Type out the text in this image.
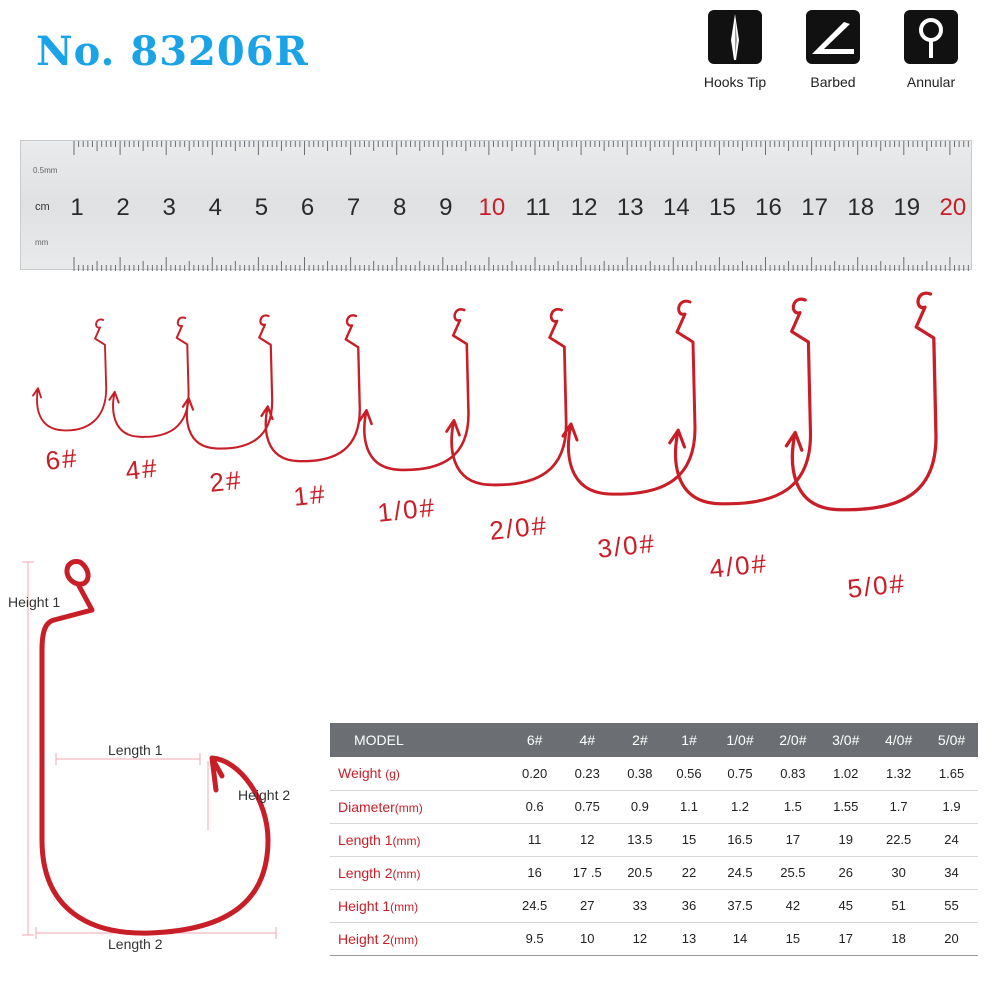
No. 83206R
Hooks Tip	Barbed	Annular
cm
0.5mm
mm
1 2 3 4 5 6 7 8 9 10 11 12 13 14 15 16 17 18 19 20
6# 4# 2# 1# 1/0#
2/0#
3/0#
4/0#
5/0#
Height 1
Length 1
Height 2
Length 2
MODEL	6#	4#	2#	1#	1/0#	2/0#	3/0#	4/0#	5/0#
Weight (g)	0.20	0.23	0.38	0.56	0.75	0.83	1.02	1.32	1.65
Diameter(mm)	0.6	0.75	0.9	1.1	1.2	1.5	1.55	1.7	1.9
Length 1(mm)	11	12	13.5	15	16.5	17	19	22.5	24
Length 2(mm)	16	17 .5	20.5	22	24.5	25.5	26	30	34
Height 1(mm)	24.5	27	33	36	37.5	42	45	51	55
Height 2(mm)	9.5	10	12	13	14	15	17	18	20
